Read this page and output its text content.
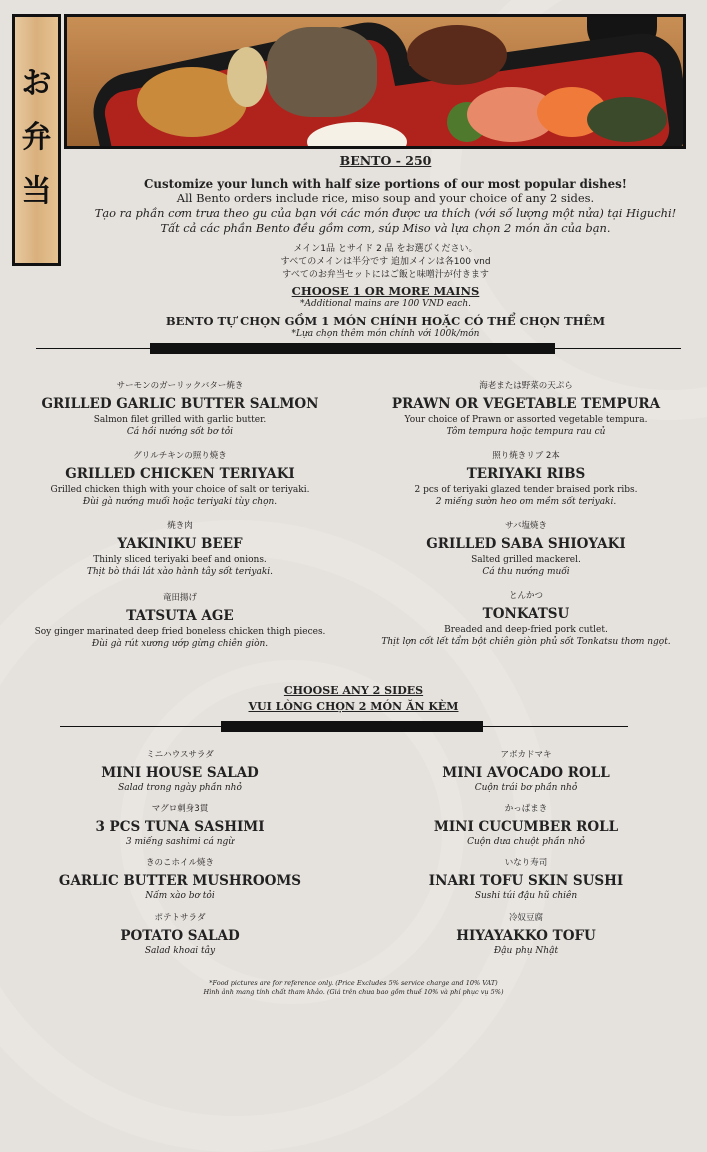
お
弁
当
BENTO - 250
Customize your lunch with half size portions of our most popular dishes!
All Bento orders include rice, miso soup and your choice of any 2 sides.
Tạo ra phần cơm trưa theo gu của bạn với các món được ưa thích (với số lượng một nửa) tại Higuchi!
Tất cả các phần Bento đều gồm cơm, súp Miso và lựa chọn 2 món ăn của bạn.
メイン1品 とサイド 2 品 をお選びください。
すべてのメインは半分です 追加メインは各100 vnd
すべてのお弁当セットにはご飯と味噌汁が付きます
CHOOSE 1 OR MORE MAINS
*Additional mains are 100 VND each.
BENTO TỰ CHỌN GỒM 1 MÓN CHÍNH HOẶC CÓ THỂ CHỌN THÊM
*Lựa chọn thêm món chính với 100k/món
サーモンのガーリックバター焼き
GRILLED GARLIC BUTTER SALMON
Salmon filet grilled with garlic butter.
Cá hồi nướng sốt bơ tỏi
グリルチキンの照り焼き
GRILLED CHICKEN TERIYAKI
Grilled chicken thigh with your choice of salt or teriyaki.
Đùi gà nướng muối hoặc teriyaki tùy chọn.
焼き肉
YAKINIKU BEEF
Thinly sliced teriyaki beef and onions.
Thịt bò thái lát xào hành tây sốt teriyaki.
竜田揚げ
TATSUTA AGE
Soy ginger marinated deep fried boneless chicken thigh pieces.
Đùi gà rút xương ướp gừng chiên giòn.
海老または野菜の天ぷら
PRAWN OR VEGETABLE TEMPURA
Your choice of Prawn or assorted vegetable tempura.
Tôm tempura hoặc tempura rau củ
照り焼きリブ 2本
TERIYAKI RIBS
2 pcs of teriyaki glazed tender braised pork ribs.
2 miếng sườn heo om mềm sốt teriyaki.
サバ塩焼き
GRILLED SABA SHIOYAKI
Salted grilled mackerel.
Cá thu nướng muối
とんかつ
TONKATSU
Breaded and deep-fried pork cutlet.
Thịt lợn cốt lết tẩm bột chiên giòn phủ sốt Tonkatsu thơm ngọt.
CHOOSE ANY 2 SIDES
VUI LÒNG CHỌN 2 MÓN ĂN KÈM
ミニハウスサラダ
MINI HOUSE SALAD
Salad trong ngày phần nhỏ
マグロ刺身3貫
3 PCS TUNA SASHIMI
3 miếng sashimi cá ngừ
きのこホイル焼き
GARLIC BUTTER MUSHROOMS
Nấm xào bơ tỏi
ポテトサラダ
POTATO SALAD
Salad khoai tây
アボカドマキ
MINI AVOCADO ROLL
Cuộn trái bơ phần nhỏ
かっぱまき
MINI CUCUMBER ROLL
Cuộn dưa chuột phần nhỏ
いなり寿司
INARI TOFU SKIN SUSHI
Sushi túi đậu hũ chiên
冷奴豆腐
HIYAYAKKO TOFU
Đậu phụ Nhật
*Food pictures are for reference only. (Price Excludes 5% service charge and 10% VAT)
Hình ảnh mang tính chất tham khảo. (Giá trên chưa bao gồm thuế 10% và phí phục vụ 5%)
